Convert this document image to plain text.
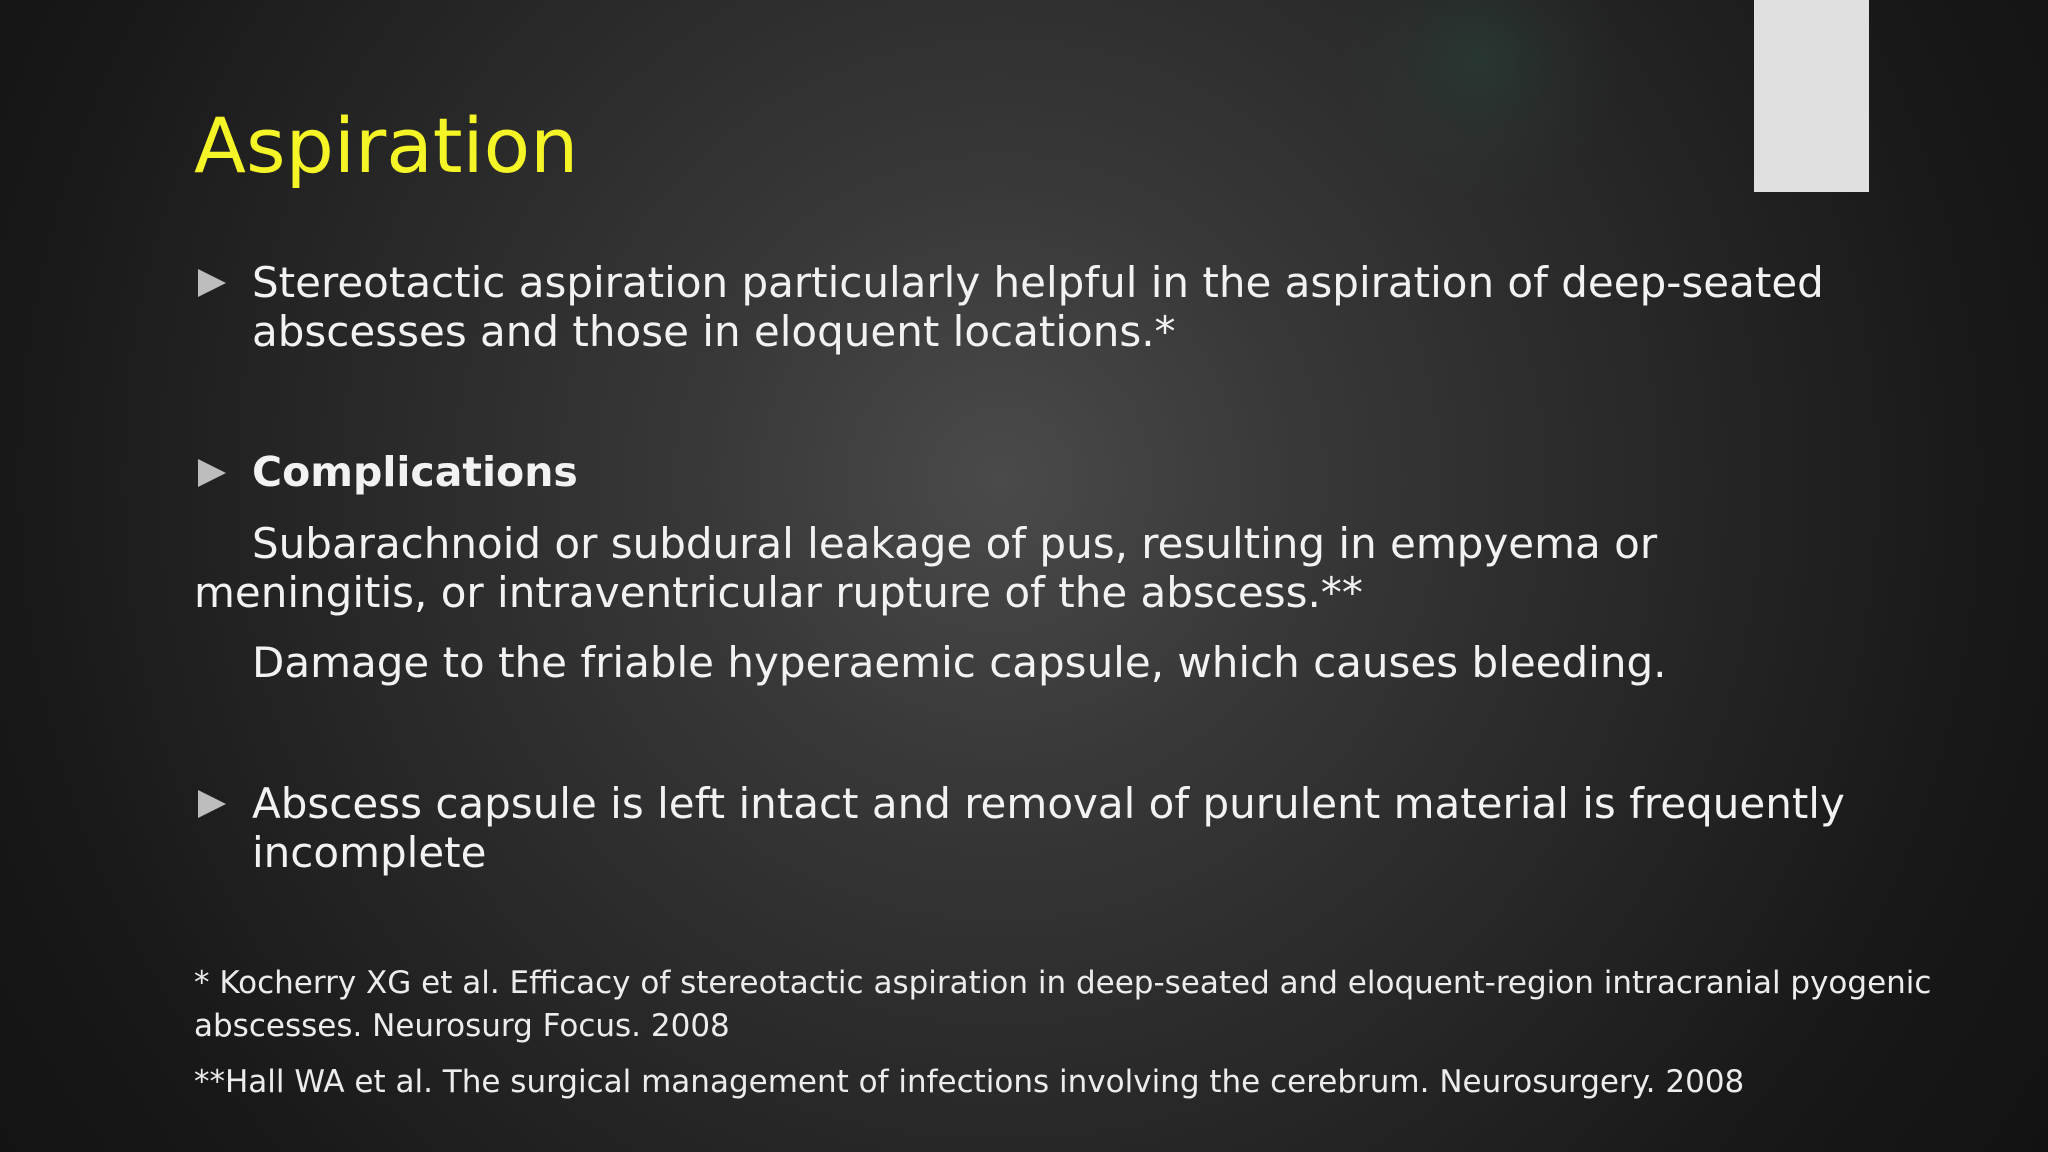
Aspiration
Stereotactic aspiration particularly helpful in the aspiration of deep-seated
abscesses and those in eloquent locations.*
Complications

Subarachnoid or subdural leakage of pus, resulting in empyema or
meningitis, or intraventricular rupture of the abscess.**

Damage to the friable hyperaemic capsule, which causes bleeding.

Abscess capsule is left intact and removal of purulent material is frequently
incomplete

* Kocherry XG et al. Efficacy of stereotactic aspiration in deep-seated and eloquent-region intracranial pyogenic
abscesses. Neurosurg Focus. 2008

**Hall WA et al. The surgical management of infections involving the cerebrum. Neurosurgery. 2008
